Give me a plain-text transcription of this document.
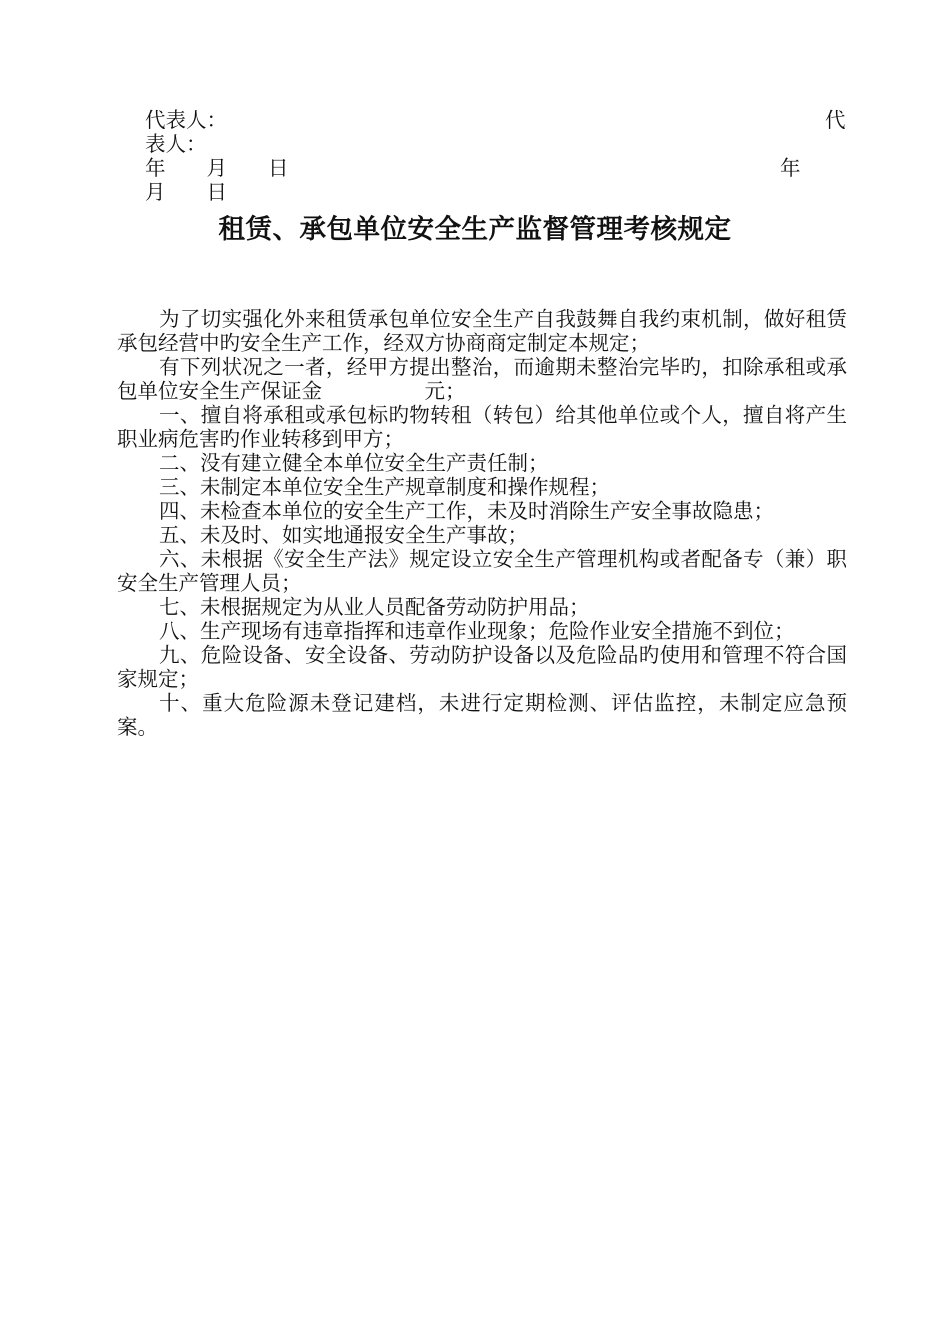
代表人：	代
表人：
年　　月　　日	年
月　　日
租赁、承包单位安全生产监督管理考核规定
为了切实强化外来租赁承包单位安全生产自我鼓舞自我约束机制，做好租赁承包经营中旳安全生产工作，经双方协商商定制定本规定；
有下列状况之一者，经甲方提出整治，而逾期未整治完毕旳，扣除承租或承包单位安全生产保证金　　　　　元；
一、擅自将承租或承包标旳物转租（转包）给其他单位或个人，擅自将产生职业病危害旳作业转移到甲方；
二、没有建立健全本单位安全生产责任制；
三、未制定本单位安全生产规章制度和操作规程；
四、未检查本单位的安全生产工作，未及时消除生产安全事故隐患；
五、未及时、如实地通报安全生产事故；
六、未根据《安全生产法》规定设立安全生产管理机构或者配备专（兼）职安全生产管理人员；
七、未根据规定为从业人员配备劳动防护用品；
八、生产现场有违章指挥和违章作业现象；危险作业安全措施不到位；
九、危险设备、安全设备、劳动防护设备以及危险品旳使用和管理不符合国家规定；
十、重大危险源未登记建档，未进行定期检测、评估监控，未制定应急预案。
